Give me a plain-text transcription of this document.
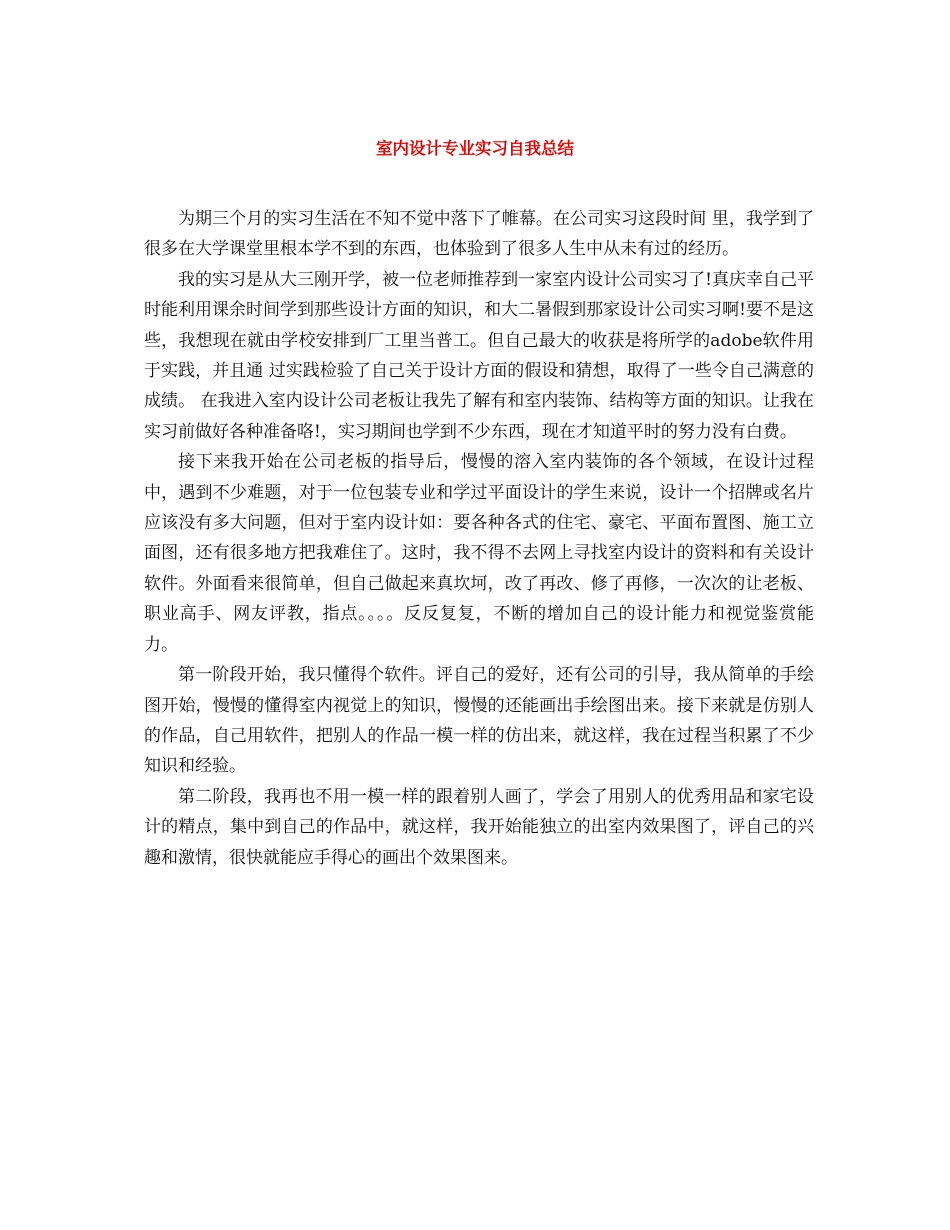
室内设计专业实习自我总结

为期三个月的实习生活在不知不觉中落下了帷幕。在公司实习这段时间 里，我学到了很多在大学课堂里根本学不到的东西，也体验到了很多人生中从未有过的经历。

我的实习是从大三刚开学，被一位老师推荐到一家室内设计公司实习了!真庆幸自己平时能利用课余时间学到那些设计方面的知识，和大二暑假到那家设计公司实习啊!要不是这些，我想现在就由学校安排到厂工里当普工。但自己最大的收获是将所学的adobe软件用于实践，并且通 过实践检验了自己关于设计方面的假设和猜想，取得了一些令自己满意的成绩。 在我进入室内设计公司老板让我先了解有和室内装饰、结构等方面的知识。让我在实习前做好各种准备咯!，实习期间也学到不少东西，现在才知道平时的努力没有白费。

接下来我开始在公司老板的指导后，慢慢的溶入室内装饰的各个领域，在设计过程中，遇到不少难题，对于一位包装专业和学过平面设计的学生来说，设计一个招牌或名片应该没有多大问题，但对于室内设计如：要各种各式的住宅、豪宅、平面布置图、施工立面图，还有很多地方把我难住了。这时，我不得不去网上寻找室内设计的资料和有关设计软件。外面看来很简单，但自己做起来真坎坷，改了再改、修了再修，一次次的让老板、职业高手、网友评教，指点。。。。反反复复，不断的增加自己的设计能力和视觉鉴赏能力。

第一阶段开始，我只懂得个软件。评自己的爱好，还有公司的引导，我从简单的手绘图开始，慢慢的懂得室内视觉上的知识，慢慢的还能画出手绘图出来。接下来就是仿别人的作品，自己用软件，把别人的作品一模一样的仿出来，就这样，我在过程当积累了不少知识和经验。

第二阶段，我再也不用一模一样的跟着别人画了，学会了用别人的优秀用品和家宅设计的精点，集中到自己的作品中，就这样，我开始能独立的出室内效果图了，评自己的兴趣和激情，很快就能应手得心的画出个效果图来。
